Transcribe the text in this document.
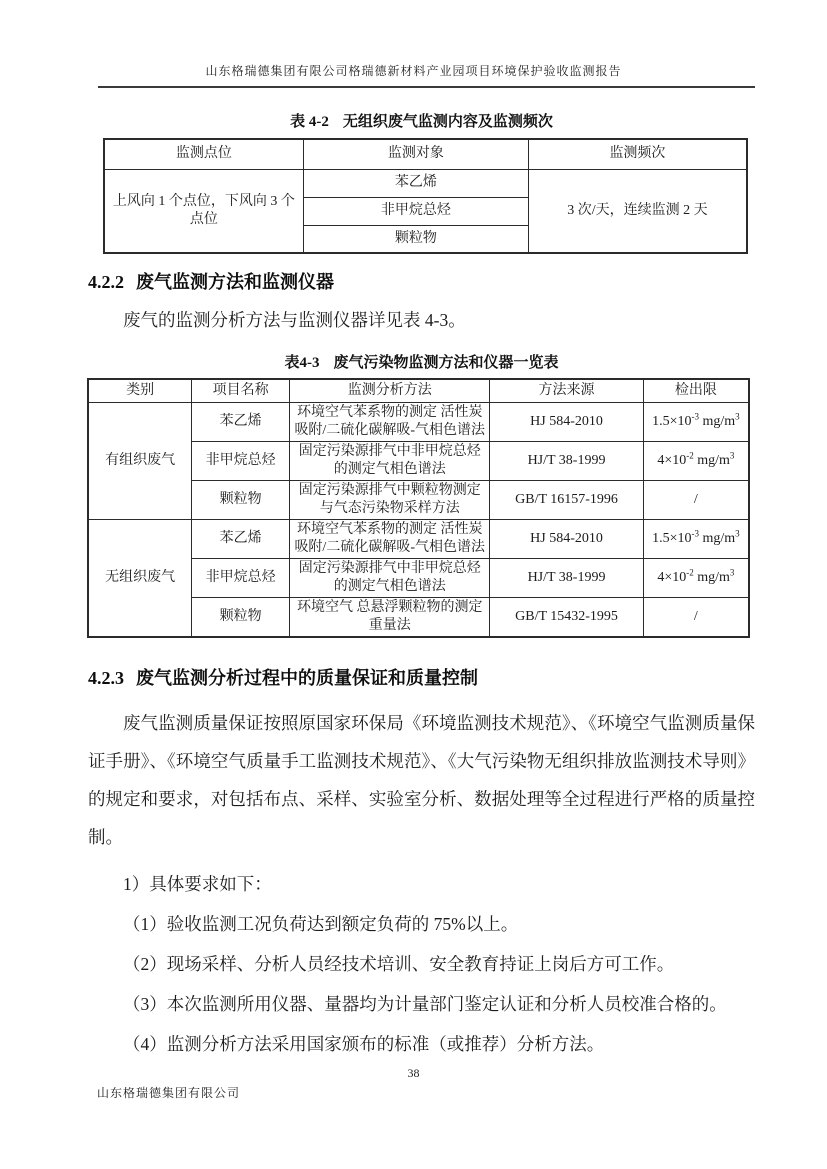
山东格瑞德集团有限公司格瑞德新材料产业园项目环境保护验收监测报告
表 4-2 无组织废气监测内容及监测频次
监测点位	监测对象	监测频次
上风向 1 个点位，下风向 3 个点位	苯乙烯	3 次/天，连续监测 2 天
	非甲烷总烃	
	颗粒物	
4.2.2 废气监测方法和监测仪器
废气的监测分析方法与监测仪器详见表 4-3。
表4-3 废气污染物监测方法和仪器一览表
类别	项目名称	监测分析方法	方法来源	检出限
有组织废气	苯乙烯	环境空气苯系物的测定 活性炭吸附/二硫化碳解吸-气相色谱法	HJ 584-2010	$1.5\times 10^{-3}$ $mg/m^3$
	非甲烷总烃	固定污染源排气中非甲烷总烃的测定气相色谱法	HJ/T 38-1999	$4\times 10^{-2}$ $mg/m^3$
	颗粒物	固定污染源排气中颗粒物测定与气态污染物采样方法	GB/T 16157-1996	/
无组织废气	苯乙烯	环境空气苯系物的测定 活性炭吸附/二硫化碳解吸-气相色谱法	HJ 584-2010	$1.5\times 10^{-3}$ $mg/m^3$
	非甲烷总烃	固定污染源排气中非甲烷总烃的测定气相色谱法	HJ/T 38-1999	$4\times 10^{-2}$ $mg/m^3$
	颗粒物	环境空气 总悬浮颗粒物的测定 重量法	GB/T 15432-1995	/
4.2.3 废气监测分析过程中的质量保证和质量控制
废气监测质量保证按照原国家环保局《环境监测技术规范》、《环境空气监测质量保证手册》、《环境空气质量手工监测技术规范》、《大气污染物无组织排放监测技术导则》的规定和要求，对包括布点、采样、实验室分析、数据处理等全过程进行严格的质量控制。
1）具体要求如下：
（1）验收监测工况负荷达到额定负荷的 75%以上。
（2）现场采样、分析人员经技术培训、安全教育持证上岗后方可工作。
（3）本次监测所用仪器、量器均为计量部门鉴定认证和分析人员校准合格的。
（4）监测分析方法采用国家颁布的标准（或推荐）分析方法。
38
山东格瑞德集团有限公司
